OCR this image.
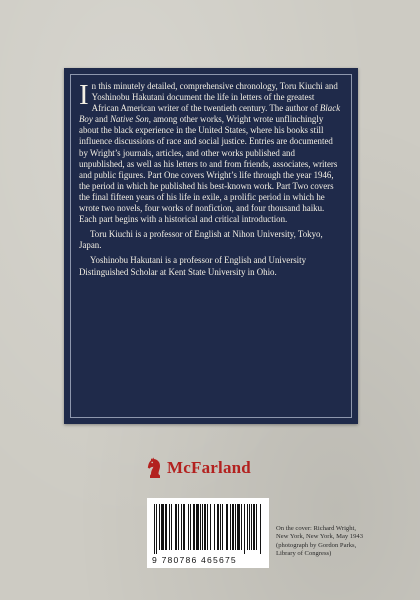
In this minutely detailed, comprehensive chronology, Toru Kiuchi and Yoshinobu Hakutani document the life in letters of the greatest African American writer of the twentieth century. The author of Black Boy and Native Son, among other works, Wright wrote unflinchingly about the black experience in the United States, where his books still influence discussions of race and social justice. Entries are documented by Wright’s journals, articles, and other works published and unpublished, as well as his letters to and from friends, associates, writers and public figures. Part One covers Wright’s life through the year 1946, the period in which he published his best-known work. Part Two covers the final fifteen years of his life in exile, a prolific period in which he wrote two novels, four works of nonfiction, and four thousand haiku. Each part begins with a historical and critical introduction.

Toru Kiuchi is a professor of English at Nihon University, Tokyo, Japan.

Yoshinobu Hakutani is a professor of English and University Distinguished Scholar at Kent State University in Ohio.

McFarland
9 780786 465675
On the cover: Richard Wright,
New York, New York, May 1943
(photograph by Gordon Parks,
Library of Congress)
